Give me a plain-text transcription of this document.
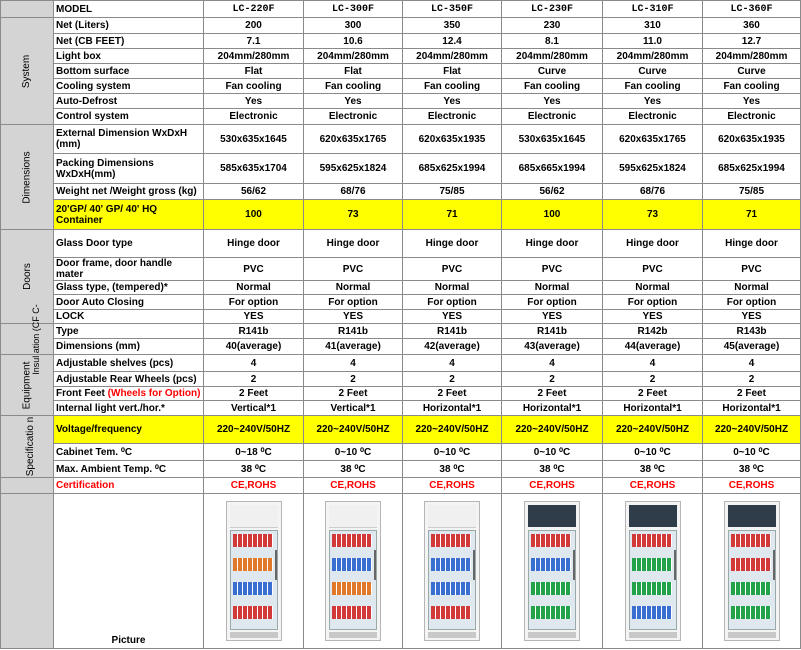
	MODEL	LC-220F	LC-300F	LC-350F	LC-230F	LC-310F	LC-360F
System	Net (Liters)	200	300	350	230	310	360
	Net (CB FEET)	7.1	10.6	12.4	8.1	11.0	12.7
	Light box	204mm/280mm	204mm/280mm	204mm/280mm	204mm/280mm	204mm/280mm	204mm/280mm
	Bottom surface	Flat	Flat	Flat	Curve	Curve	Curve
	Cooling system	Fan cooling	Fan cooling	Fan cooling	Fan cooling	Fan cooling	Fan cooling
	Auto-Defrost	Yes	Yes	Yes	Yes	Yes	Yes
	Control system	Electronic	Electronic	Electronic	Electronic	Electronic	Electronic
Dimensions	External Dimension WxDxH (mm)	530x635x1645	620x635x1765	620x635x1935	530x635x1645	620x635x1765	620x635x1935
	Packing Dimensions WxDxH(mm)	585x635x1704	595x625x1824	685x625x1994	685x665x1994	595x625x1824	685x625x1994
	Weight net /Weight gross (kg)	56/62	68/76	75/85	56/62	68/76	75/85
	20'GP/ 40' GP/ 40' HQ Container	100	73	71	100	73	71
Doors	Glass Door type	Hinge door	Hinge door	Hinge door	Hinge door	Hinge door	Hinge door
	Door frame, door handle mater	PVC	PVC	PVC	PVC	PVC	PVC
	Glass type, (tempered)*	Normal	Normal	Normal	Normal	Normal	Normal
	Door Auto Closing	For option	For option	For option	For option	For option	For option
	LOCK	YES	YES	YES	YES	YES	YES
Insul ation (CF C-	Type	R141b	R141b	R141b	R141b	R142b	R143b
	Dimensions (mm)	40(average)	41(average)	42(average)	43(average)	44(average)	45(average)
Equipment	Adjustable shelves (pcs)	4	4	4	4	4	4
	Adjustable Rear Wheels (pcs)	2	2	2	2	2	2
	Front Feet (Wheels for Option)	2 Feet	2 Feet	2 Feet	2 Feet	2 Feet	2 Feet
	Internal light vert./hor.*	Vertical*1	Vertical*1	Horizontal*1	Horizontal*1	Horizontal*1	Horizontal*1
Specificatio n	Voltage/frequency	220~240V/50HZ	220~240V/50HZ	220~240V/50HZ	220~240V/50HZ	220~240V/50HZ	220~240V/50HZ
	Cabinet Tem. ⁰C	0~18 ⁰C	0~10 ⁰C	0~10 ⁰C	0~10 ⁰C	0~10 ⁰C	0~10 ⁰C
	Max. Ambient Temp. ⁰C	38 ⁰C	38 ⁰C	38 ⁰C	38 ⁰C	38 ⁰C	38 ⁰C
	Certification	CE,ROHS	CE,ROHS	CE,ROHS	CE,ROHS	CE,ROHS	CE,ROHS
	Picture	
